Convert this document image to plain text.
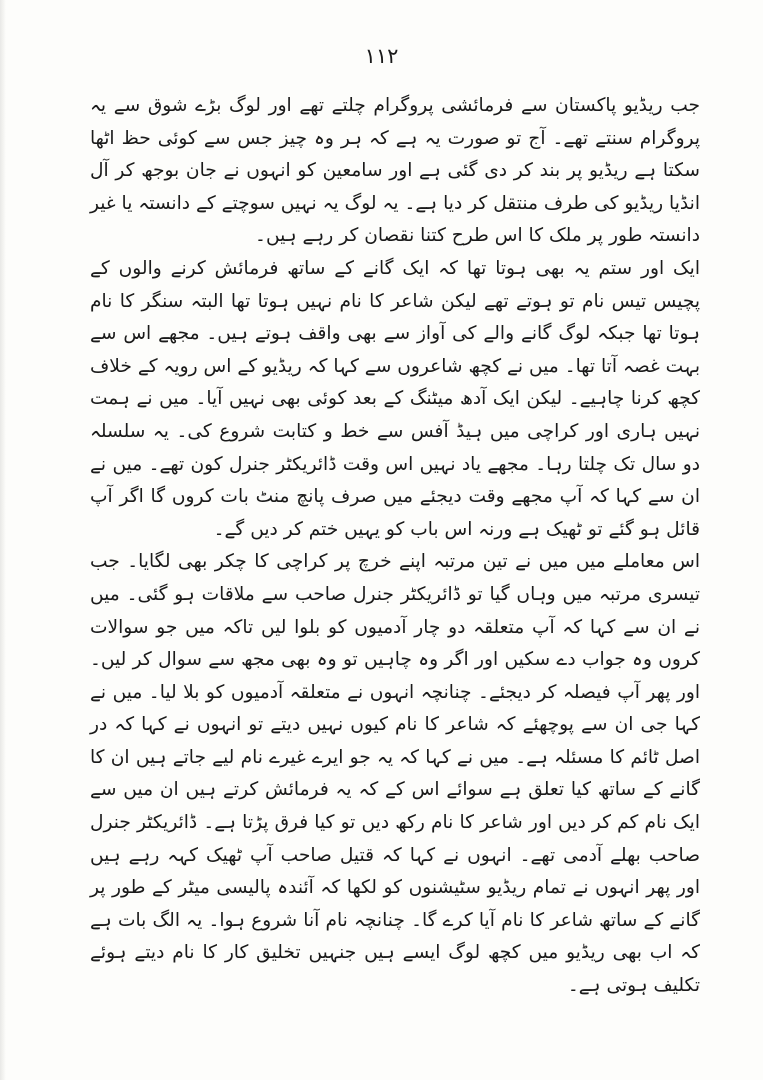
١١٢

جب ریڈیو پاکستان سے فرمائشی پروگرام چلتے تھے اور لوگ بڑے شوق سے یہ پروگرام سنتے تھے۔ آج تو صورت یہ ہے کہ ہر وہ چیز جس سے کوئی حظ اٹھا سکتا ہے ریڈیو پر بند کر دی گئی ہے اور سامعین کو انہوں نے جان بوجھ کر آل انڈیا ریڈیو کی طرف منتقل کر دیا ہے۔ یہ لوگ یہ نہیں سوچتے کے دانستہ یا غیر دانستہ طور پر ملک کا اس طرح کتنا نقصان کر رہے ہیں۔

ایک اور ستم یہ بھی ہوتا تھا کہ ایک گانے کے ساتھ فرمائش کرنے والوں کے پچیس تیس نام تو ہوتے تھے لیکن شاعر کا نام نہیں ہوتا تھا البتہ سنگر کا نام ہوتا تھا جبکہ لوگ گانے والے کی آواز سے بھی واقف ہوتے ہیں۔ مجھے اس سے بہت غصہ آتا تھا۔ میں نے کچھ شاعروں سے کہا کہ ریڈیو کے اس رویہ کے خلاف کچھ کرنا چاہیے۔ لیکن ایک آدھ میٹنگ کے بعد کوئی بھی نہیں آیا۔ میں نے ہمت نہیں ہاری اور کراچی میں ہیڈ آفس سے خط و کتابت شروع کی۔ یہ سلسلہ دو سال تک چلتا رہا۔ مجھے یاد نہیں اس وقت ڈائریکٹر جنرل کون تھے۔ میں نے ان سے کہا کہ آپ مجھے وقت دیجئے میں صرف پانچ منٹ بات کروں گا اگر آپ قائل ہو گئے تو ٹھیک ہے ورنہ اس باب کو یہیں ختم کر دیں گے۔

اس معاملے میں میں نے تین مرتبہ اپنے خرچ پر کراچی کا چکر بھی لگایا۔ جب تیسری مرتبہ میں وہاں گیا تو ڈائریکٹر جنرل صاحب سے ملاقات ہو گئی۔ میں نے ان سے کہا کہ آپ متعلقہ دو چار آدمیوں کو بلوا لیں تاکہ میں جو سوالات کروں وہ جواب دے سکیں اور اگر وہ چاہیں تو وہ بھی مجھ سے سوال کر لیں۔ اور پھر آپ فیصلہ کر دیجئے۔ چنانچہ انہوں نے متعلقہ آدمیوں کو بلا لیا۔ میں نے کہا جی ان سے پوچھئے کہ شاعر کا نام کیوں نہیں دیتے تو انہوں نے کہا کہ در اصل ٹائم کا مسئلہ ہے۔ میں نے کہا کہ یہ جو ایرے غیرے نام لیے جاتے ہیں ان کا گانے کے ساتھ کیا تعلق ہے سوائے اس کے کہ یہ فرمائش کرتے ہیں ان میں سے ایک نام کم کر دیں اور شاعر کا نام رکھ دیں تو کیا فرق پڑتا ہے۔ ڈائریکٹر جنرل صاحب بھلے آدمی تھے۔ انہوں نے کہا کہ قتیل صاحب آپ ٹھیک کہہ رہے ہیں اور پھر انہوں نے تمام ریڈیو سٹیشنوں کو لکھا کہ آئندہ پالیسی میٹر کے طور پر گانے کے ساتھ شاعر کا نام آیا کرے گا۔ چنانچہ نام آنا شروع ہوا۔ یہ الگ بات ہے کہ اب بھی ریڈیو میں کچھ لوگ ایسے ہیں جنہیں تخلیق کار کا نام دیتے ہوئے تکلیف ہوتی ہے۔
